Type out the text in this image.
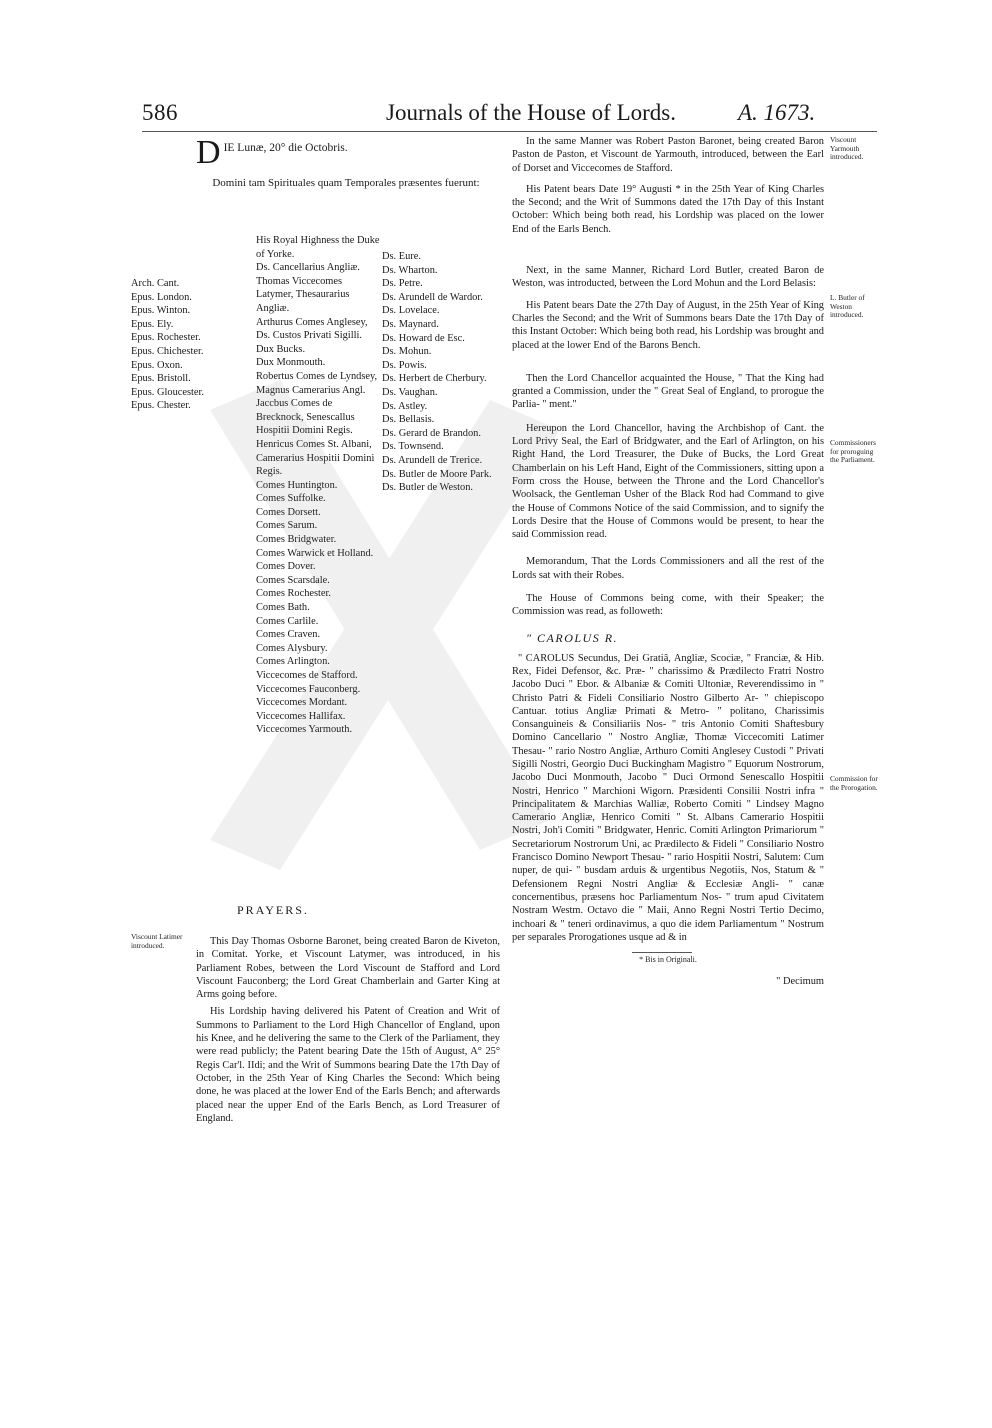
586	Journals of the House of Lords.	A. 1673.
D IE Lunæ, 20° die Octobris.
Domini tam Spirituales quam Temporales præsentes fuerunt:
Arch. Cant.
Epus. London.
Epus. Winton.
Epus. Ely.
Epus. Rochester.
Epus. Chichester.
Epus. Oxon.
Epus. Bristoll.
Epus. Gloucester.
Epus. Chester.
His Royal Highness the Duke of Yorke.
Ds. Cancellarius Angliæ.
Thomas Viccecomes Latymer, Thesaurarius Angliæ.
Arthurus Comes Anglesey, Ds. Custos Privati Sigilli.
Dux Bucks.
Dux Monmouth.
Robertus Comes de Lyndsey, Magnus Camerarius Angl.
Jaccbus Comes de Brecknock, Senescallus Hospitii Domini Regis.
Henricus Comes St. Albani, Camerarius Hospitii Domini Regis.
Comes Huntington.
Comes Suffolke.
Comes Dorsett.
Comes Sarum.
Comes Bridgwater.
Comes Warwick et Holland.
Comes Dover.
Comes Scarsdale.
Comes Rochester.
Comes Bath.
Comes Carlile.
Comes Craven.
Comes Alysbury.
Comes Arlington.
Viccecomes de Stafford.
Viccecomes Fauconberg.
Viccecomes Mordant.
Viccecomes Hallifax.
Viccecomes Yarmouth.
Ds. Eure.
Ds. Wharton.
Ds. Petre.
Ds. Arundell de Wardor.
Ds. Lovelace.
Ds. Maynard.
Ds. Howard de Esc.
Ds. Mohun.
Ds. Powis.
Ds. Herbert de Cherbury.
Ds. Vaughan.
Ds. Astley.
Ds. Bellasis.
Ds. Gerard de Brandon.
Ds. Townsend.
Ds. Arundell de Trerice.
Ds. Butler de Moore Park.
Ds. Butler de Weston.
PRAYERS.
Viscount Latimer introduced.	This Day Thomas Osborne Baronet, being created Baron de Kiveton, in Comitat. Yorke, et Viscount Latymer, was introduced, in his Parliament Robes, between the Lord Viscount de Stafford and Lord Viscount Fauconberg; the Lord Great Chamberlain and Garter King at Arms going before.

His Lordship having delivered his Patent of Creation and Writ of Summons to Parliament to the Lord High Chancellor of England, upon his Knee, and he delivering the same to the Clerk of the Parliament, they were read publicly; the Patent bearing Date the 15th of August, A° 25° Regis Car'l. IIdi; and the Writ of Summons bearing Date the 17th Day of October, in the 25th Year of King Charles the Second: Which being done, he was placed at the lower End of the Earls Bench; and afterwards placed near the upper End of the Earls Bench, as Lord Treasurer of England.

In the same Manner was Robert Paston Baronet, being created Baron Paston de Paston, et Viscount de Yarmouth, introduced, between the Earl of Dorset and Viccecomes de Stafford.

His Patent bears Date 19° Augusti * in the 25th Year of King Charles the Second; and the Writ of Summons dated the 17th Day of this Instant October: Which being both read, his Lordship was placed on the lower End of the Earls Bench.

Next, in the same Manner, Richard Lord Butler, created Baron de Weston, was introducted, between the Lord Mohun and the Lord Belasis:

His Patent bears Date the 27th Day of August, in the 25th Year of King Charles the Second; and the Writ of Summons bears Date the 17th Day of this Instant October: Which being both read, his Lordship was brought and placed at the lower End of the Barons Bench.

Then the Lord Chancellor acquainted the House, " That the King had granted a Commission, under the " Great Seal of England, to prorogue the Parlia- " ment."

Hereupon the Lord Chancellor, having the Archbishop of Cant. the Lord Privy Seal, the Earl of Bridgwater, and the Earl of Arlington, on his Right Hand, the Lord Treasurer, the Duke of Bucks, the Lord Great Chamberlain on his Left Hand, Eight of the Commissioners, sitting upon a Form cross the House, between the Throne and the Lord Chancellor's Woolsack, the Gentleman Usher of the Black Rod had Command to give the House of Commons Notice of the said Commission, and to signify the Lords Desire that the House of Commons would be present, to hear the said Commission read.

Memorandum, That the Lords Commissioners and all the rest of the Lords sat with their Robes.

The House of Commons being come, with their Speaker; the Commission was read, as followeth:

" CAROLUS R.

" CAROLUS Secundus, Dei Gratiâ, Angliæ, Scociæ, " Franciæ, & Hib. Rex, Fidei Defensor, &c. Præ- " charissimo & Prædilecto Fratri Nostro Jacobo Duci " Ebor. & Albaniæ & Comiti Ultoniæ, Reverendissimo in " Christo Patri & Fideli Consiliario Nostro Gilberto Ar- " chiepiscopo Cantuar. totius Angliæ Primati & Metro- " politano, Charissimis Consanguineis & Consiliariis Nos- " tris Antonio Comiti Shaftesbury Domino Cancellario " Nostro Angliæ, Thomæ Viccecomiti Latimer Thesau- " rario Nostro Angliæ, Arthuro Comiti Anglesey Custodi " Privati Sigilli Nostri, Georgio Duci Buckingham Magistro " Equorum Nostrorum, Jacobo Duci Monmouth, Jacobo " Duci Ormond Senescallo Hospitii Nostri, Henrico " Marchioni Wigorn. Præsidenti Consilii Nostri infra " Principalitatem & Marchias Walliæ, Roberto Comiti " Lindsey Magno Camerario Angliæ, Henrico Comiti " St. Albans Camerario Hospitii Nostri, Joh'i Comiti " Bridgwater, Henric. Comiti Arlington Primariorum " Secretariorum Nostrorum Uni, ac Prædilecto & Fideli " Consiliario Nostro Francisco Domino Newport Thesau- " rario Hospitii Nostri, Salutem: Cum nuper, de qui- " busdam arduis & urgentibus Negotiis, Nos, Statum & " Defensionem Regni Nostri Angliæ & Ecclesiæ Angli- " canæ concernentibus, præsens hoc Parliamentum Nos- " trum apud Civitatem Nostram Westm. Octavo die " Maii, Anno Regni Nostri Tertio Decimo, inchoari & " teneri ordinavimus, a quo die idem Parliamentum " Nostrum per separales Prorogationes usque ad & in

* Bis in Originali.
" Decimum
Viscount Yarmouth introduced.
L. Butler of Weston introduced.
Commissioners for proroguing the Parliament.
Commission for the Prorogation.
